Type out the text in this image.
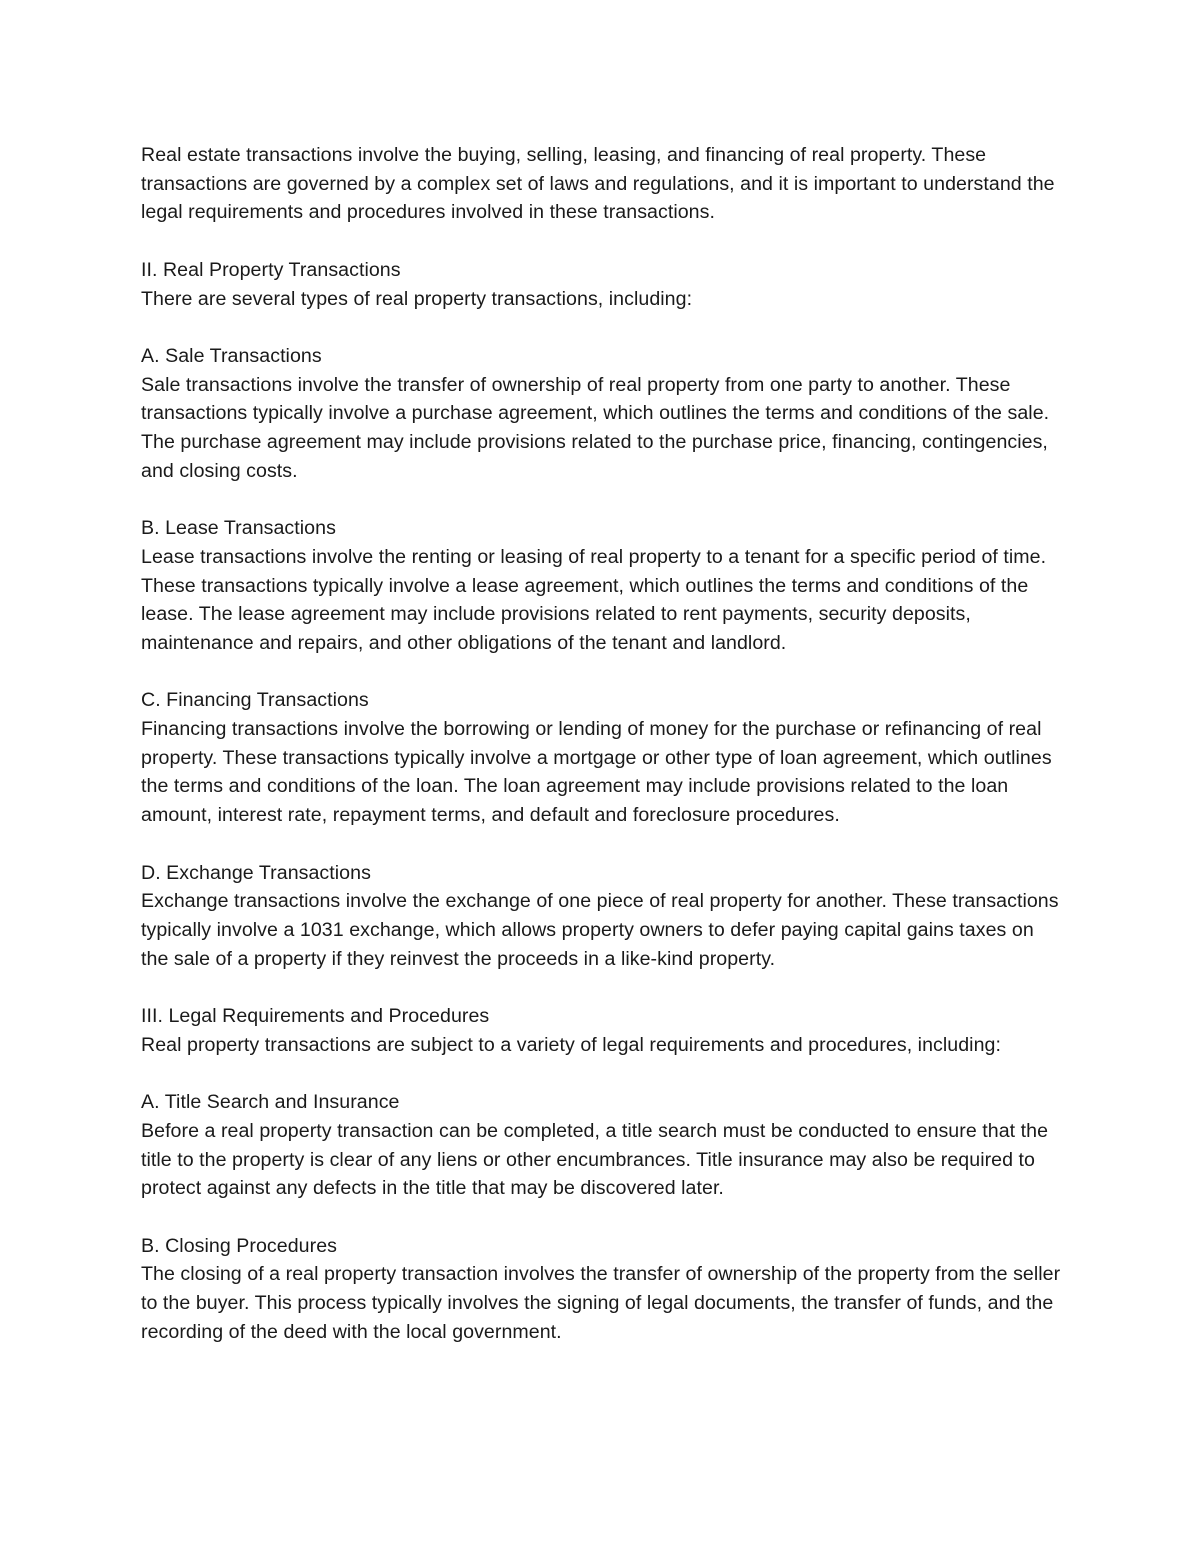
Real estate transactions involve the buying, selling, leasing, and financing of real property. These transactions are governed by a complex set of laws and regulations, and it is important to understand the legal requirements and procedures involved in these transactions.

II. Real Property Transactions
There are several types of real property transactions, including:
A. Sale Transactions
Sale transactions involve the transfer of ownership of real property from one party to another. These transactions typically involve a purchase agreement, which outlines the terms and conditions of the sale. The purchase agreement may include provisions related to the purchase price, financing, contingencies, and closing costs.
B. Lease Transactions
Lease transactions involve the renting or leasing of real property to a tenant for a specific period of time. These transactions typically involve a lease agreement, which outlines the terms and conditions of the lease. The lease agreement may include provisions related to rent payments, security deposits, maintenance and repairs, and other obligations of the tenant and landlord.
C. Financing Transactions
Financing transactions involve the borrowing or lending of money for the purchase or refinancing of real property. These transactions typically involve a mortgage or other type of loan agreement, which outlines the terms and conditions of the loan. The loan agreement may include provisions related to the loan amount, interest rate, repayment terms, and default and foreclosure procedures.
D. Exchange Transactions
Exchange transactions involve the exchange of one piece of real property for another. These transactions typically involve a 1031 exchange, which allows property owners to defer paying capital gains taxes on the sale of a property if they reinvest the proceeds in a like-kind property.
III. Legal Requirements and Procedures
Real property transactions are subject to a variety of legal requirements and procedures, including:
A. Title Search and Insurance
Before a real property transaction can be completed, a title search must be conducted to ensure that the title to the property is clear of any liens or other encumbrances. Title insurance may also be required to protect against any defects in the title that may be discovered later.
B. Closing Procedures
The closing of a real property transaction involves the transfer of ownership of the property from the seller to the buyer. This process typically involves the signing of legal documents, the transfer of funds, and the recording of the deed with the local government.
